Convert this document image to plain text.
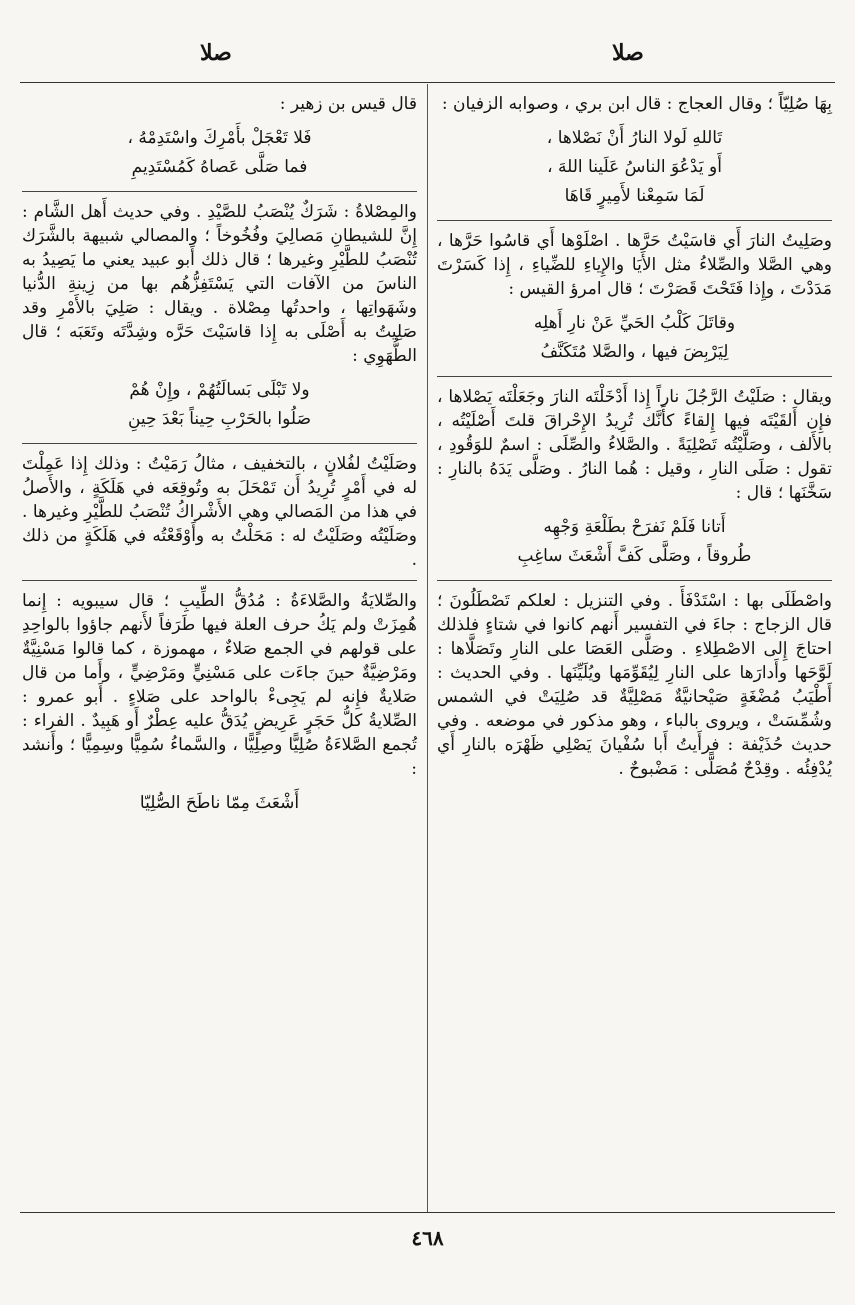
صلا
صلا

بِهَا صُلِيّاً ؛ وقال العجاج : قال ابن بري ، وصوابه الزفيان :

تَاللهِ لَولا النارُ أَنْ نَصْلاها ،
أَو يَدْعُوَ الناسُ عَلَينا اللهَ ،
لَمَا سَمِعْنا لأَمِيرٍ قَاهَا

وصَلِيتُ النارَ أَي قاسَيْتُ حَرَّها . اصْلَوْها أَي قاسُوا حَرَّها ، وهي الصَّلا والصِّلاءُ مثل الأَيَا والإِياءِ للضِّياءِ ، إِذا كَسَرْتَ مَدَدْتَ ، وإِذا فَتَحْتَ قَصَرْتَ ؛ قال امرؤ القيس :

وقاتَلَ كَلْبُ الحَيِّ عَنْ نارِ أَهلِه
لِيَرْبِضَ فيها ، والصَّلا مُتَكَنَّفُ

ويقال : صَلَيْتُ الرَّجُلَ ناراً إِذا أَدْخَلْتَه النارَ وجَعَلْتَه يَصْلاها ، فإِن أَلقَيْتَه فيها إِلقاءً كأَنَّك تُرِيدُ الإِحْراقَ قلتَ أَصْلَيْتُه ، بالأَلف ، وصَلَّيْتُه تَصْلِيَةً . والصَّلاءُ والصِّلَى : اسمٌ للوَقُودِ ، تقول : صَلَى النارِ ، وقيل : هُما النارُ . وصَلَّى يَدَهُ بالنارِ : سَخَّنَها ؛ قال :

أَتانا فَلَمْ نَفرَحْ بطَلْعَةِ وَجْهِه
طُروقاً ، وصَلَّى كَفَّ أَشْعَثَ ساغِبِ

واصْطَلَى بها : اسْتَدْفَأَ . وفي التنزيل : لعلكم تَصْطَلُونَ ؛ قال الزجاج : جاءَ في التفسير أَنهم كانوا في شتاءٍ فلذلك احتاجَ إِلى الاصْطِلاءِ . وصَلَّى العَصَا على النارِ وتَصَلَّاها : لَوَّحَها وأَدارَها على النارِ لِيُقَوِّمَها ويُلَيِّنَها . وفي الحديث : أَطْيَبُ مُضْغَةٍ صَيْحانيَّةٌ مَصْلِيَّةٌ قد صُلِيَتْ في الشمس وشُمِّسَتْ ، ويروى بالباء ، وهو مذكور في موضعه . وفي حديث حُذَيْفة : فرأَيتُ أَبا سُفْيانَ يَصْلِي ظَهْرَه بالنارِ أَي يُدْفِئُه . وقِدْحٌ مُصَلًّى : مَضْبوحٌ .

قال قيس بن زهير :

فَلا تَعْجَلْ بأَمْرِكَ واسْتَدِمْهُ ،
فما صَلَّى عَصاهُ كَمُسْتَدِيمِ

والمِصْلاةُ : شَرَكٌ يُنْصَبُ للصَّيْدِ . وفي حديث أَهل الشَّام : إِنَّ للشيطانِ مَصالِيَ وفُخُوخاً ؛ والمصالي شبيهة بالشَّرَك تُنْصَبُ للطَّيْرِ وغيرها ؛ قال ذلك أَبو عبيد يعني ما يَصِيدُ به الناسَ من الآفات التي يَسْتَفِزُّهُم بها من زِينةِ الدُّنيا وشَهَواتِها ، واحدتُها مِصْلاة . ويقال : صَلِيَ بالأَمْرِ وقد صَلِيتُ به أَصْلَى به إِذا قاسَيْتَ حَرَّه وشِدَّتَه وتَعَبَه ؛ قال الطُّهَوِي :

ولا تَبْلَى بَسالَتُهُمْ ، وإِنْ هُمْ
صَلُوا بالحَرْبِ حِيناً بَعْدَ حِينِ

وصَلَيْتُ لفُلانٍ ، بالتخفيف ، مثالُ رَمَيْتُ : وذلك إِذا عَمِلْتَ له في أَمْرٍ تُرِيدُ أَن تَمْحَلَ به وتُوقِعَه في هَلَكَةٍ ، والأَصلُ في هذا من المَصالي وهي الأَشْراكُ تُنْصَبُ للطَّيْرِ وغيرها . وصَلَيْتُه وصَلَيْتُ له : مَحَلْتُ به وأَوْقَعْتُه في هَلَكَةٍ من ذلك .

والصِّلايَةُ والصَّلاءَةُ : مُدُقُّ الطِّيبِ ؛ قال سيبويه : إِنما هُمِزَتْ ولم يَكُ حرف العلة فيها طَرَفاً لأَنهم جاؤوا بالواحِدِ على قولهم في الجمع صَلاءٌ ، مهموزة ، كما قالوا مَسْنِيَّةٌ ومَرْضِيَّةٌ حينَ جاءَت على مَسْنِيٍّ ومَرْضِيٍّ ، وأَما من قال صَلايةٌ فإِنه لم يَجِىءْ بالواحد على صَلاءٍ . أَبو عمرو : الصِّلايةُ كلُّ حَجَرٍ عَرِيضٍ يُدَقُّ عليه عِطْرٌ أَو هَبِيدٌ . الفراء : تُجمع الصَّلاءَةُ صُلِيًّا وصِلِيًّا ، والسَّماءُ سُمِيًّا وسِمِيًّا ؛ وأَنشد :

أَشْعَثَ مِمّا ناطَحَ الصُّلِيّا
٤٦٨
